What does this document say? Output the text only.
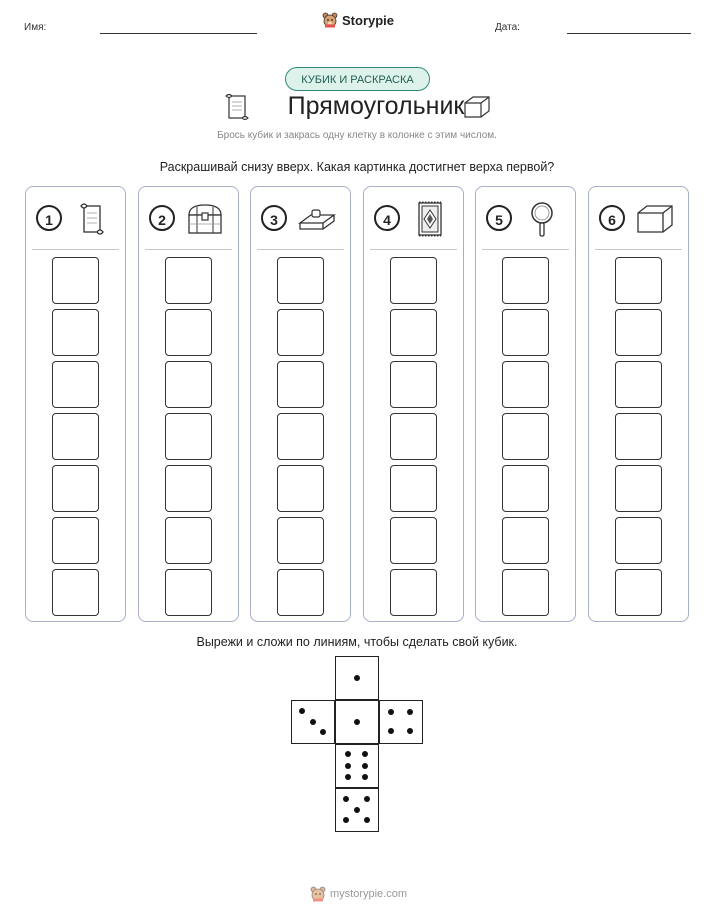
Имя:	Storypie	Дата:
КУБИК И РАСКРАСКА
Прямоугольник
Брось кубик и закрась одну клетку в колонке с этим числом.
Раскрашивай снизу вверх. Какая картинка достигнет верха первой?
1	2	3	4	5	6
Вырежи и сложи по линиям, чтобы сделать свой кубик.
mystorypie.com
